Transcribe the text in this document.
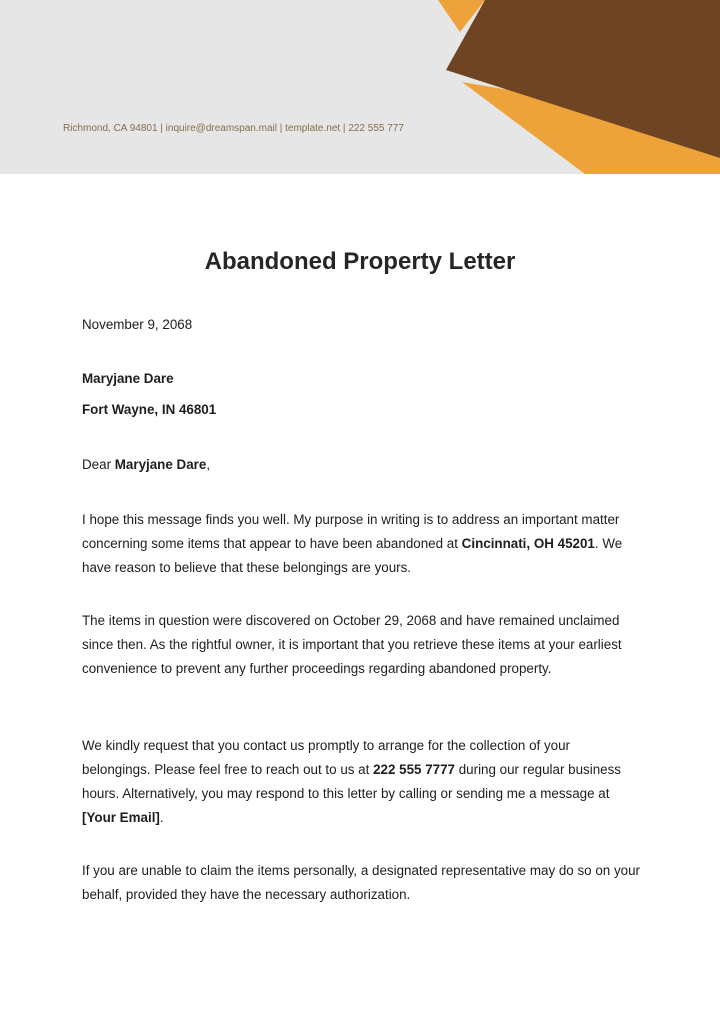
Richmond, CA 94801 | inquire@dreamspan.mail | template.net | 222 555 777
Abandoned Property Letter

November 9, 2068

Maryjane Dare

Fort Wayne, IN 46801

Dear Maryjane Dare,

I hope this message finds you well. My purpose in writing is to address an important matter concerning some items that appear to have been abandoned at Cincinnati, OH 45201. We have reason to believe that these belongings are yours.

The items in question were discovered on October 29, 2068 and have remained unclaimed since then. As the rightful owner, it is important that you retrieve these items at your earliest convenience to prevent any further proceedings regarding abandoned property.

We kindly request that you contact us promptly to arrange for the collection of your belongings. Please feel free to reach out to us at 222 555 7777 during our regular business hours. Alternatively, you may respond to this letter by calling or sending me a message at [Your Email].

If you are unable to claim the items personally, a designated representative may do so on your behalf, provided they have the necessary authorization.
